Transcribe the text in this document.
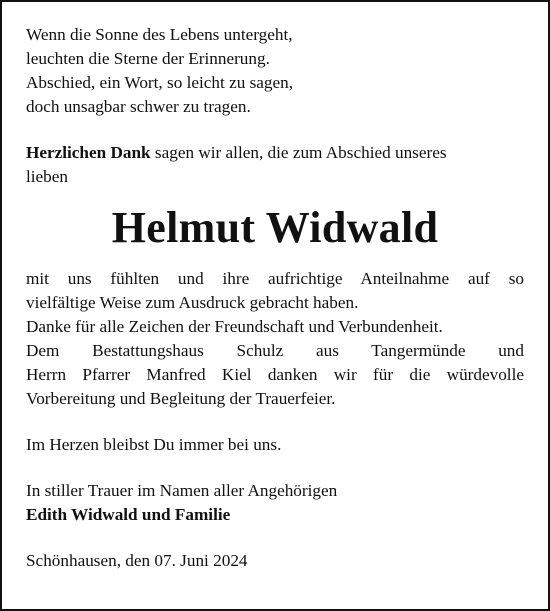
Wenn die Sonne des Lebens untergeht,
leuchten die Sterne der Erinnerung.
Abschied, ein Wort, so leicht zu sagen,
doch unsagbar schwer zu tragen.

Herzlichen Dank sagen wir allen, die zum Abschied unseres
lieben

Helmut Widwald

mit uns fühlten und ihre aufrichtige Anteilnahme auf so
vielfältige Weise zum Ausdruck gebracht haben.
Danke für alle Zeichen der Freundschaft und Verbundenheit.
Dem Bestattungshaus Schulz aus Tangermünde und
Herrn Pfarrer Manfred Kiel danken wir für die würdevolle
Vorbereitung und Begleitung der Trauerfeier.

Im Herzen bleibst Du immer bei uns.

In stiller Trauer im Namen aller Angehörigen
Edith Widwald und Familie

Schönhausen, den 07. Juni 2024
